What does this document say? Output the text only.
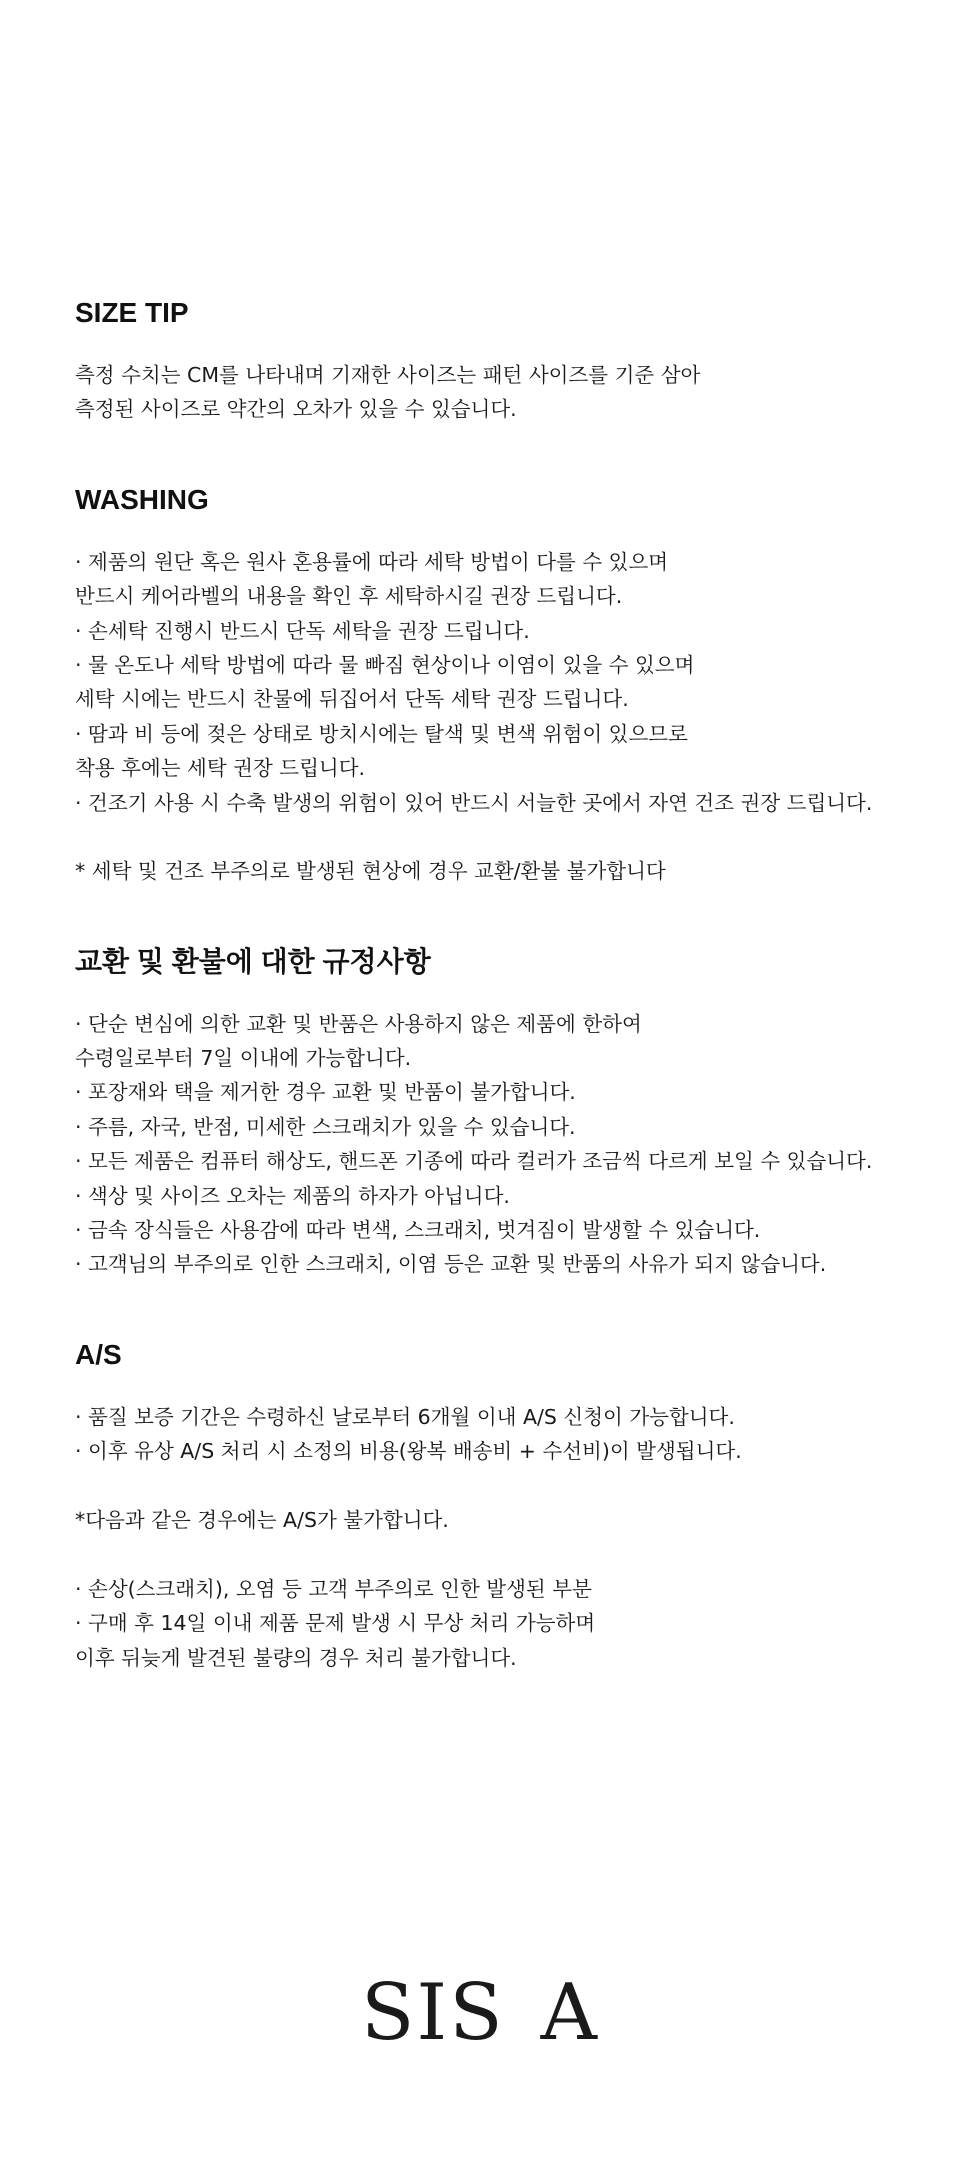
SIZE TIP
측정 수치는 CM를 나타내며 기재한 사이즈는 패턴 사이즈를 기준 삼아
측정된 사이즈로 약간의 오차가 있을 수 있습니다.
WASHING
· 제품의 원단 혹은 원사 혼용률에 따라 세탁 방법이 다를 수 있으며
반드시 케어라벨의 내용을 확인 후 세탁하시길 권장 드립니다.
· 손세탁 진행시 반드시 단독 세탁을 권장 드립니다.
· 물 온도나 세탁 방법에 따라 물 빠짐 현상이나 이염이 있을 수 있으며
세탁 시에는 반드시 찬물에 뒤집어서 단독 세탁 권장 드립니다.
· 땀과 비 등에 젖은 상태로 방치시에는 탈색 및 변색 위험이 있으므로
착용 후에는 세탁 권장 드립니다.
· 건조기 사용 시 수축 발생의 위험이 있어 반드시 서늘한 곳에서 자연 건조 권장 드립니다.
* 세탁 및 건조 부주의로 발생된 현상에 경우 교환/환불 불가합니다
교환 및 환불에 대한 규정사항
· 단순 변심에 의한 교환 및 반품은 사용하지 않은 제품에 한하여
수령일로부터 7일 이내에 가능합니다.
· 포장재와 택을 제거한 경우 교환 및 반품이 불가합니다.
· 주름, 자국, 반점, 미세한 스크래치가 있을 수 있습니다.
· 모든 제품은 컴퓨터 해상도, 핸드폰 기종에 따라 컬러가 조금씩 다르게 보일 수 있습니다.
· 색상 및 사이즈 오차는 제품의 하자가 아닙니다.
· 금속 장식들은 사용감에 따라 변색, 스크래치, 벗겨짐이 발생할 수 있습니다.
· 고객님의 부주의로 인한 스크래치, 이염 등은 교환 및 반품의 사유가 되지 않습니다.
A/S
· 품질 보증 기간은 수령하신 날로부터 6개월 이내 A/S 신청이 가능합니다.
· 이후 유상 A/S 처리 시 소정의 비용(왕복 배송비 + 수선비)이 발생됩니다.
*다음과 같은 경우에는 A/S가 불가합니다.
· 손상(스크래치), 오염 등 고객 부주의로 인한 발생된 부분
· 구매 후 14일 이내 제품 문제 발생 시 무상 처리 가능하며
이후 뒤늦게 발견된 불량의 경우 처리 불가합니다.
SIS A
